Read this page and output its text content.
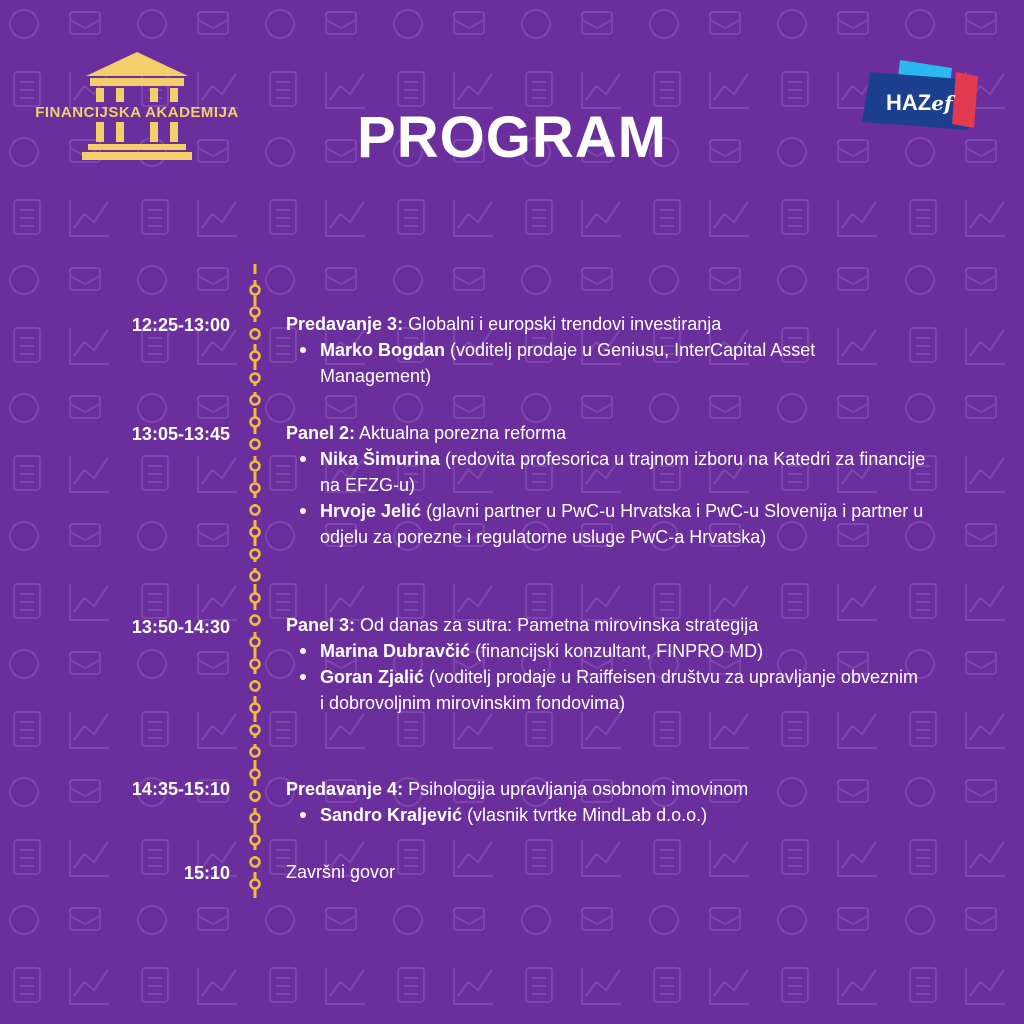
FINANCIJSKA AKADEMIJA	HAZef
PROGRAM
12:25-13:00	Predavanje 3: Globalni i europski trendovi investiranja
Marko Bogdan (voditelj prodaje u Geniusu, InterCapital Asset Management)
13:05-13:45	Panel 2: Aktualna porezna reforma
Nika Šimurina (redovita profesorica u trajnom izboru na Katedri za financije na EFZG-u)
Hrvoje Jelić (glavni partner u PwC-u Hrvatska i PwC-u Slovenija i partner u odjelu za porezne i regulatorne usluge PwC-a Hrvatska)
13:50-14:30	Panel 3: Od danas za sutra: Pametna mirovinska strategija
Marina Dubravčić (financijski konzultant, FINPRO MD)
Goran Zjalić (voditelj prodaje u Raiffeisen društvu za upravljanje obveznim i dobrovoljnim mirovinskim fondovima)
14:35-15:10	Predavanje 4: Psihologija upravljanja osobnom imovinom
Sandro Kraljević (vlasnik tvrtke MindLab d.o.o.)
15:10	Završni govor
